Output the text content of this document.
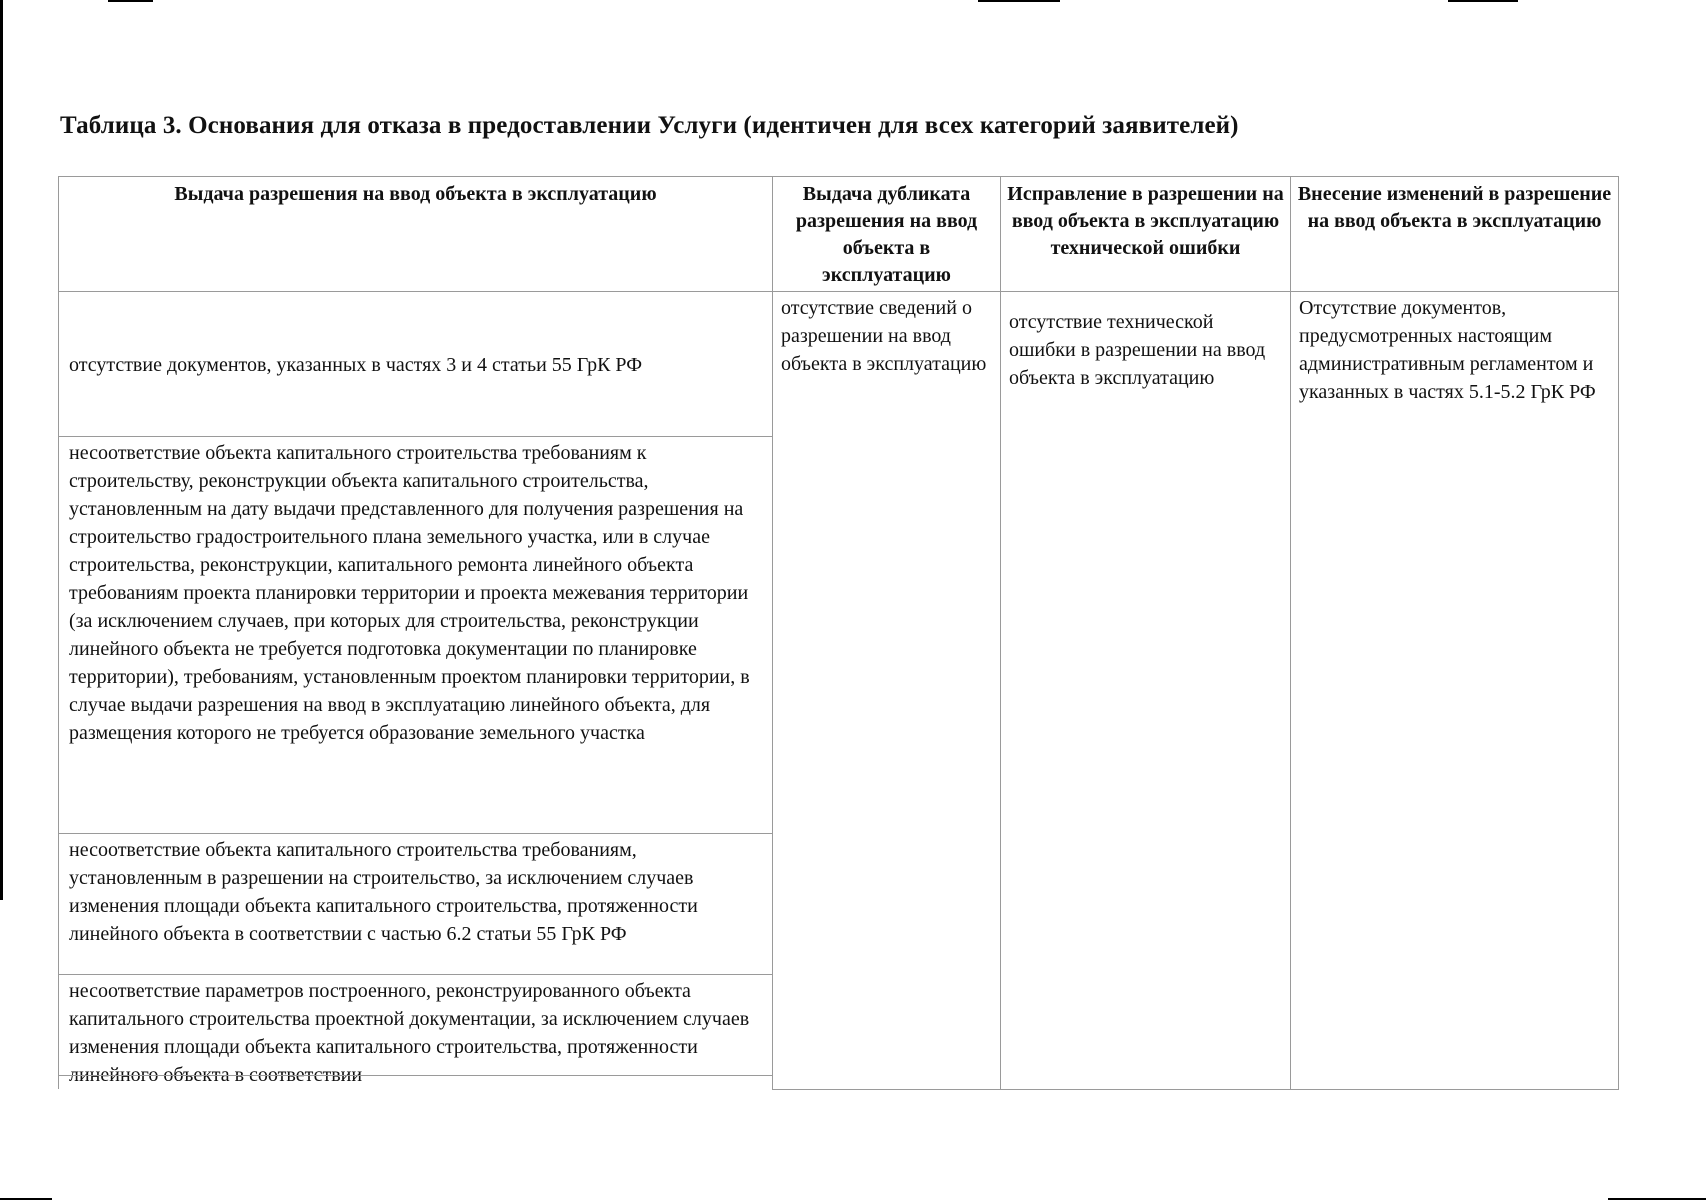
Таблица 3. Основания для отказа в предоставлении Услуги (идентичен для всех категорий заявителей)
Выдача разрешения на ввод объекта в эксплуатацию	Выдача дубликата разрешения на ввод объекта в эксплуатацию	Исправление в разрешении на ввод объекта в эксплуатацию технической ошибки	Внесение изменений в разрешение на ввод объекта в эксплуатацию
отсутствие документов, указанных в частях 3 и 4 статьи 55 ГрК РФ	отсутствие сведений о разрешении на ввод объекта в эксплуатацию	отсутствие технической ошибки в разрешении на ввод объекта в эксплуатацию	Отсутствие документов, предусмотренных настоящим административным регламентом и указанных в частях 5.1-5.2 ГрК РФ
несоответствие объекта капитального строительства требованиям к строительству, реконструкции объекта капитального строительства, установленным на дату выдачи представленного для получения разрешения на строительство градостроительного плана земельного участка, или в случае строительства, реконструкции, капитального ремонта линейного объекта требованиям проекта планировки территории и проекта межевания территории (за исключением случаев, при которых для строительства, реконструкции линейного объекта не требуется подготовка документации по планировке территории), требованиям, установленным проектом планировки территории, в случае выдачи разрешения на ввод в эксплуатацию линейного объекта, для размещения которого не требуется образование земельного участка			
несоответствие объекта капитального строительства требованиям, установленным в разрешении на строительство, за исключением случаев изменения площади объекта капитального строительства, протяженности линейного объекта в соответствии с частью 6.2 статьи 55 ГрК РФ			
несоответствие параметров построенного, реконструированного объекта капитального строительства проектной документации, за исключением случаев изменения площади объекта капитального строительства, протяженности линейного объекта в соответствии			
